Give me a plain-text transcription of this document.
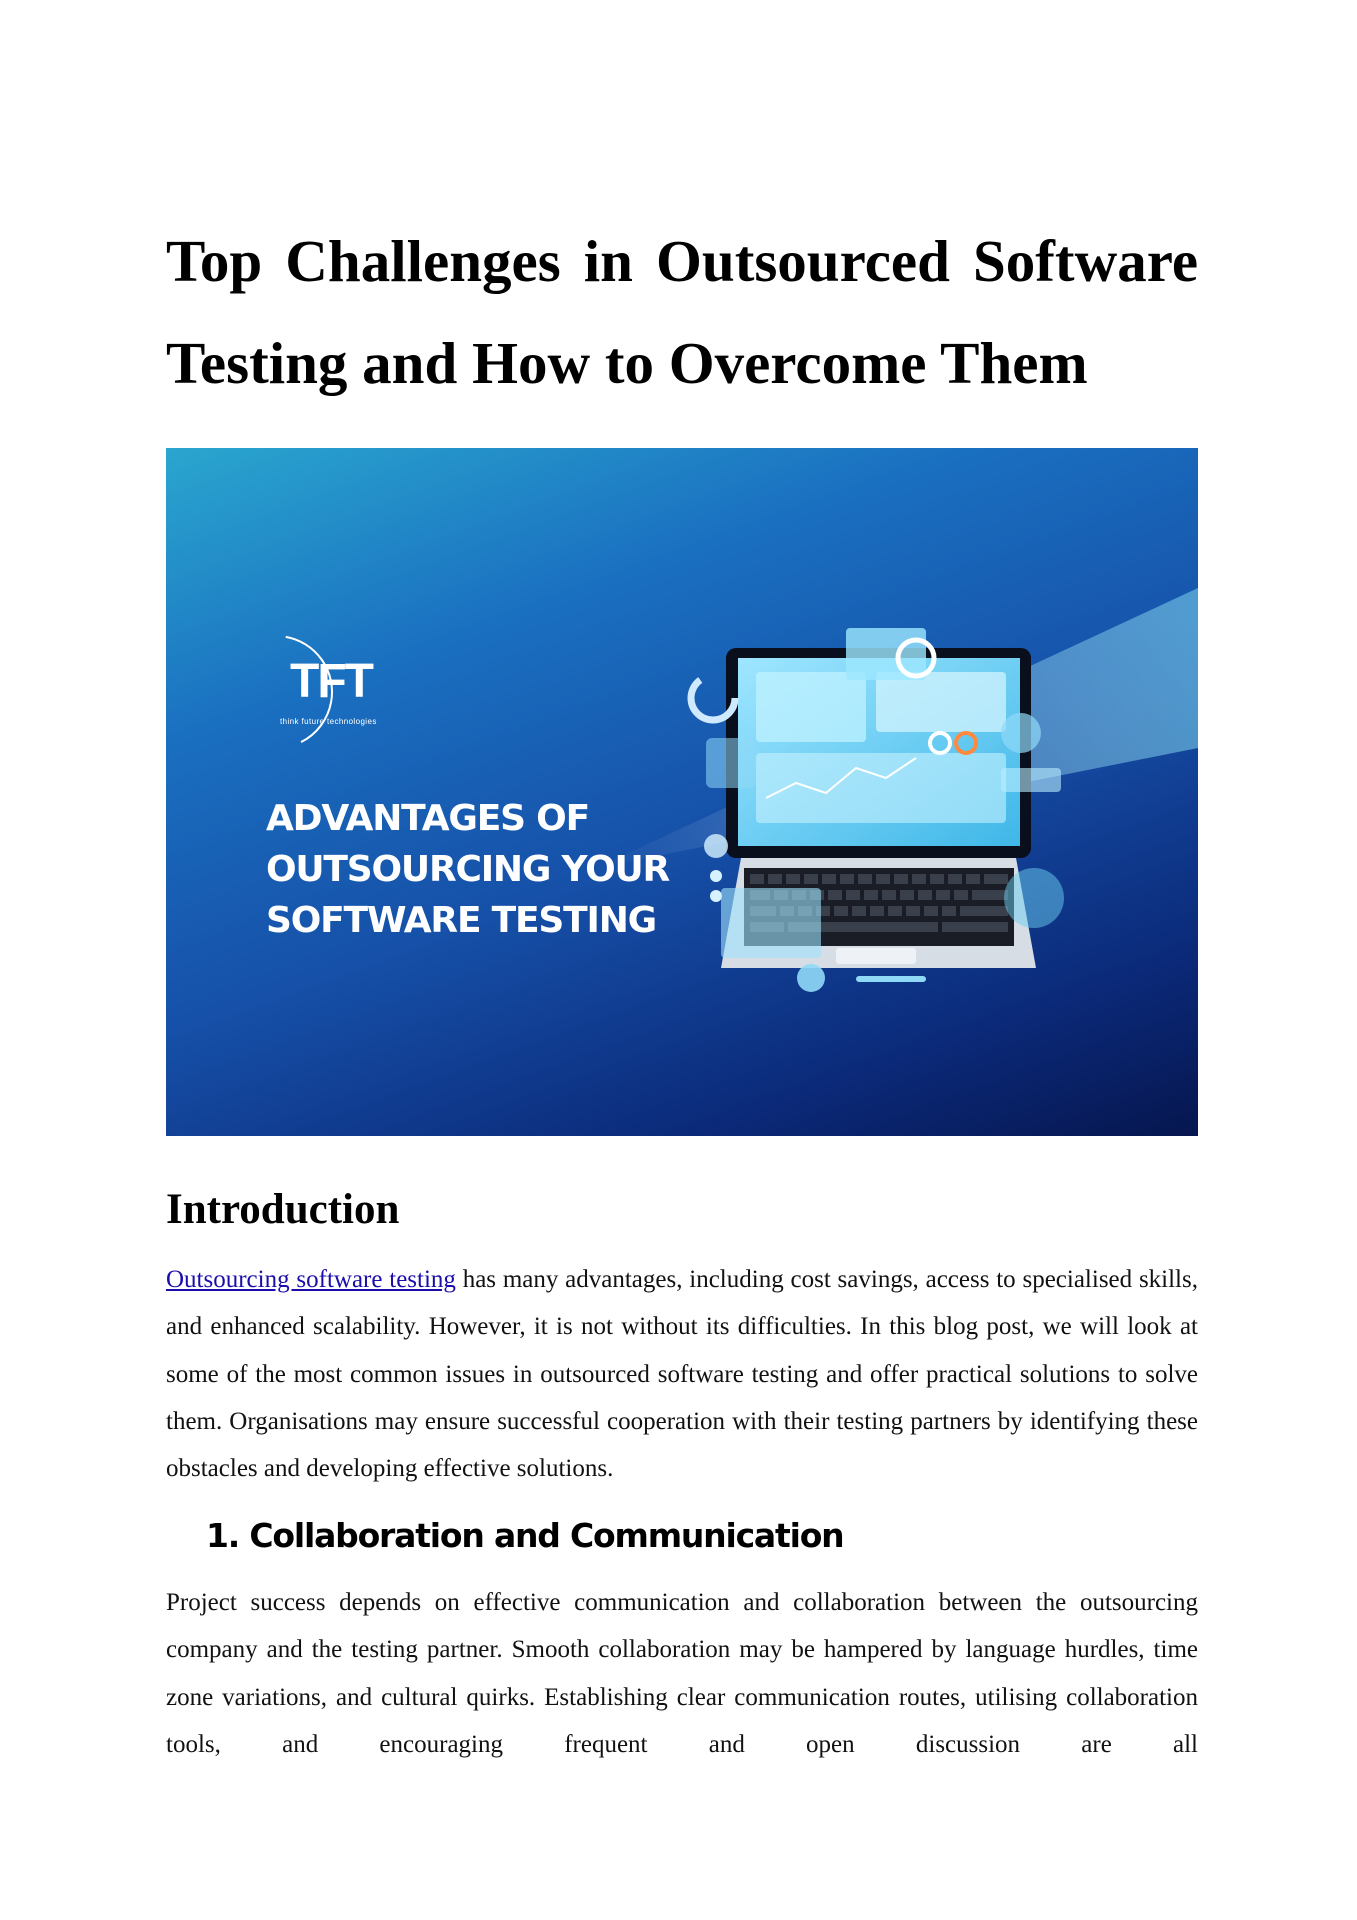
Top Challenges in Outsourced Software
Testing and How to Overcome Them
TFT
think future technologies
ADVANTAGES OF
OUTSOURCING YOUR
SOFTWARE TESTING
Introduction

Outsourcing software testing has many advantages, including cost savings, access to specialised skills, and enhanced scalability. However, it is not without its difficulties. In this blog post, we will look at some of the most common issues in outsourced software testing and offer practical solutions to solve them. Organisations may ensure successful cooperation with their testing partners by identifying these obstacles and developing effective solutions.

1. Collaboration and Communication

Project success depends on effective communication and collaboration between the outsourcing company and the testing partner. Smooth collaboration may be hampered by language hurdles, time zone variations, and cultural quirks. Establishing clear communication routes, utilising collaboration tools, and encouraging frequent and open discussion are all
